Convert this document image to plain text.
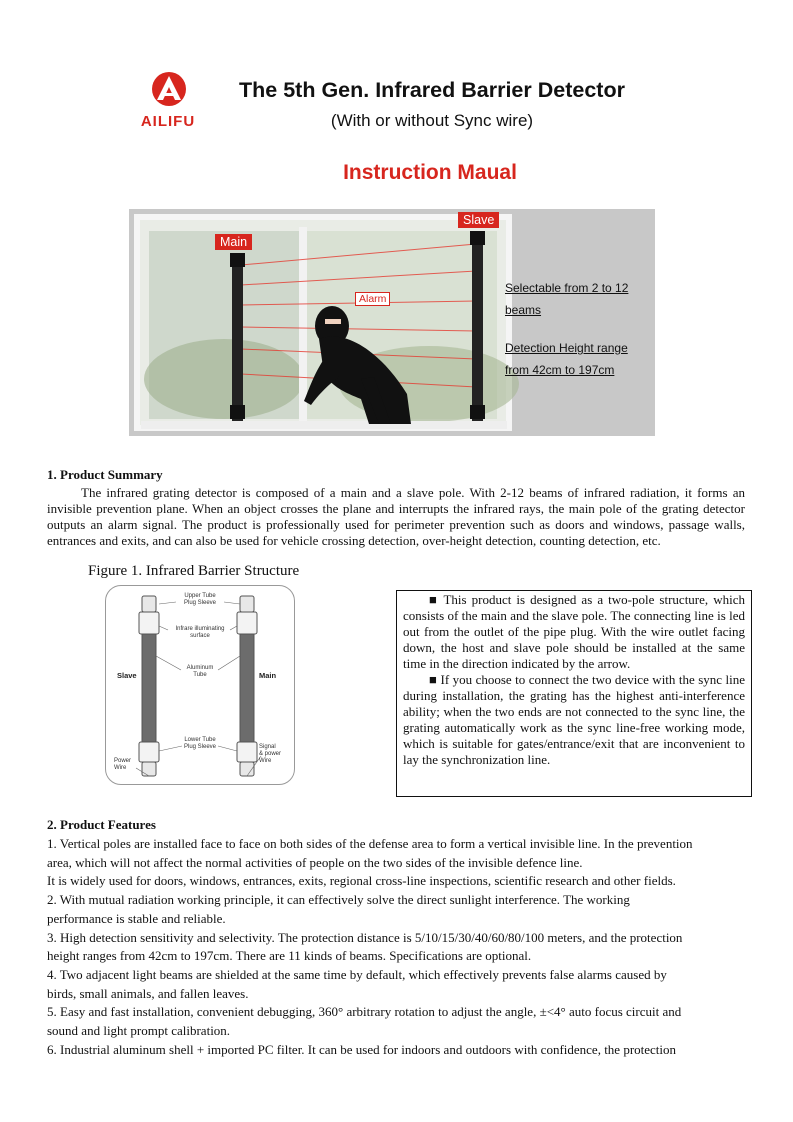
AILIFU
The 5th Gen. Infrared Barrier Detector
(With or without Sync wire)
Instruction Maual
Main
Slave
Alarm
Selectable from 2 to 12

beams
Detection Height range

from 42cm to 197cm
1. Product Summary
The infrared grating detector is composed of a main and a slave pole. With 2-12 beams of infrared radiation, it forms an invisible prevention plane. When an object crosses the plane and interrupts the infrared rays, the main pole of the grating detector outputs an alarm signal. The product is professionally used for perimeter prevention such as doors and windows, passage walls, entrances and exits, and can also be used for vehicle crossing detection, over-height detection, counting detection, etc.
Figure 1. Infrared Barrier Structure
Upper Tube
Plug Sleeve
Infrare illuminating
surface
Aluminum
Tube
Slave	Main
Lower Tube
Plug Sleeve
Power
Wire
Signal
& power
Wire
■ This product is designed as a two-pole structure, which consists of the main and the slave pole. The connecting line is led out from the outlet of the pipe plug. With the wire outlet facing down, the host and slave pole should be installed at the same time in the direction indicated by the arrow.
■ If you choose to connect the two device with the sync line during installation, the grating has the highest anti-interference ability; when the two ends are not connected to the sync line, the grating automatically work as the sync line-free working mode, which is suitable for gates/entrance/exit that are inconvenient to lay the synchronization line.
2. Product Features
1. Vertical poles are installed face to face on both sides of the defense area to form a vertical invisible line. In the prevention
area, which will not affect the normal activities of people on the two sides of the invisible defence line.
It is widely used for doors, windows, entrances, exits, regional cross-line inspections, scientific research and other fields.
2. With mutual radiation working principle, it can effectively solve the direct sunlight interference. The working
performance is stable and reliable.
3. High detection sensitivity and selectivity. The protection distance is 5/10/15/30/40/60/80/100 meters, and the protection
height ranges from 42cm to 197cm. There are 11 kinds of beams. Specifications are optional.
4. Two adjacent light beams are shielded at the same time by default, which effectively prevents false alarms caused by
birds, small animals, and fallen leaves.
5. Easy and fast installation, convenient debugging, 360° arbitrary rotation to adjust the angle, ±<4° auto focus circuit and
sound and light prompt calibration.
6. Industrial aluminum shell + imported PC filter. It can be used for indoors and outdoors with confidence, the protection
